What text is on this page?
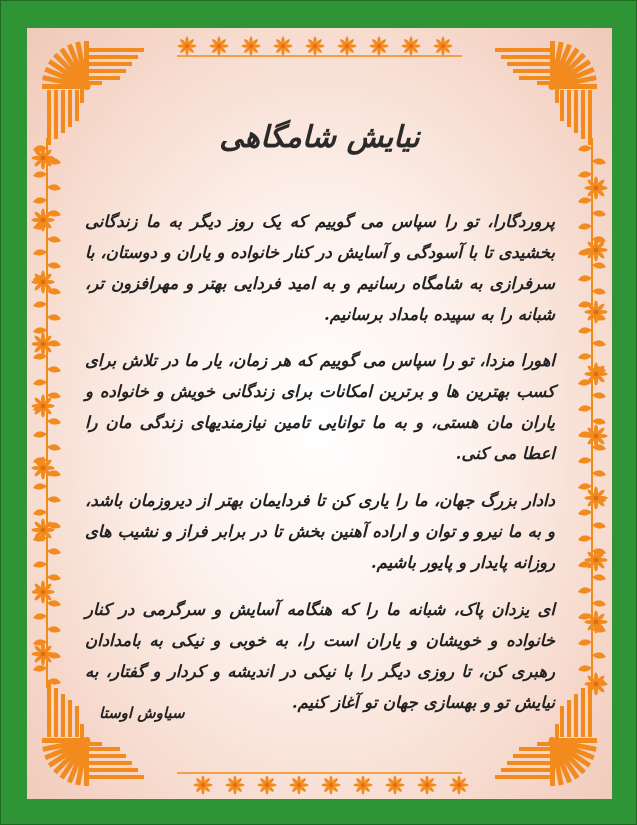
نیایش شامگاهی
پروردگارا، تو را سپاس می گوییم که یک روز دیگر به ما زندگانی بخشیدی تا با آسودگی و آسایش در کنار خانواده و یاران و دوستان، با سرفرازی به شامگاه رسانیم و به امید فردایی بهتر و مهرافزون تر، شبانه را به سپیده بامداد برسانیم.
اهورا مزدا، تو را سپاس می گوییم که هر زمان، یار ما در تلاش برای کسب بهترین ها و برترین امکانات برای زندگانی خویش و خانواده و یاران مان هستی، و به ما توانایی تامین نیازمندیهای زندگی مان را اعطا می کنی.
دادار بزرگ جهان، ما را یاری کن تا فردایمان بهتر از دیروزمان باشد، و به ما نیرو و توان و اراده آهنین بخش تا در برابر فراز و نشیب های روزانه پایدار و پایور باشیم.
ای یزدان پاک، شبانه ما را که هنگامه آسایش و سرگرمی در کنار خانواده و خویشان و یاران است را، به خوبی و نیکی به بامدادان رهبری کن، تا روزی دیگر را با نیکی در اندیشه و کردار و گفتار، به نیایش تو و بهسازی جهان تو آغاز کنیم.
سیاوش اوستا
